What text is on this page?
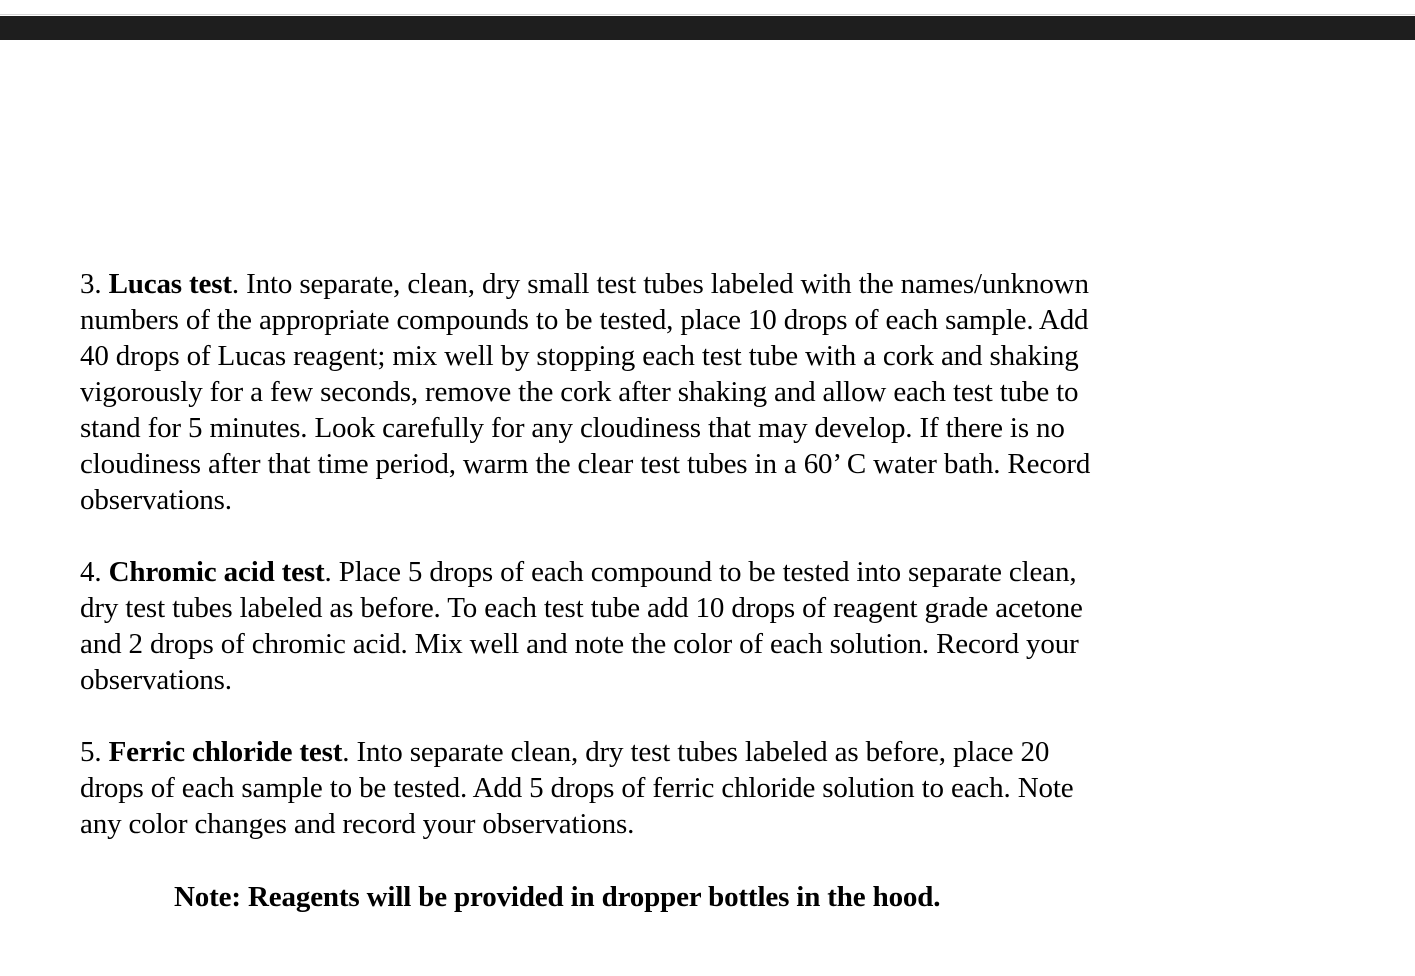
3. Lucas test. Into separate, clean, dry small test tubes labeled with the names/unknown
numbers of the appropriate compounds to be tested, place 10 drops of each sample. Add
40 drops of Lucas reagent; mix well by stopping each test tube with a cork and shaking
vigorously for a few seconds, remove the cork after shaking and allow each test tube to
stand for 5 minutes. Look carefully for any cloudiness that may develop. If there is no
cloudiness after that time period, warm the clear test tubes in a 60’ C water bath. Record
observations.
4. Chromic acid test. Place 5 drops of each compound to be tested into separate clean,
dry test tubes labeled as before. To each test tube add 10 drops of reagent grade acetone
and 2 drops of chromic acid. Mix well and note the color of each solution. Record your
observations.
5. Ferric chloride test. Into separate clean, dry test tubes labeled as before, place 20
drops of each sample to be tested. Add 5 drops of ferric chloride solution to each. Note
any color changes and record your observations.
Note: Reagents will be provided in dropper bottles in the hood.
